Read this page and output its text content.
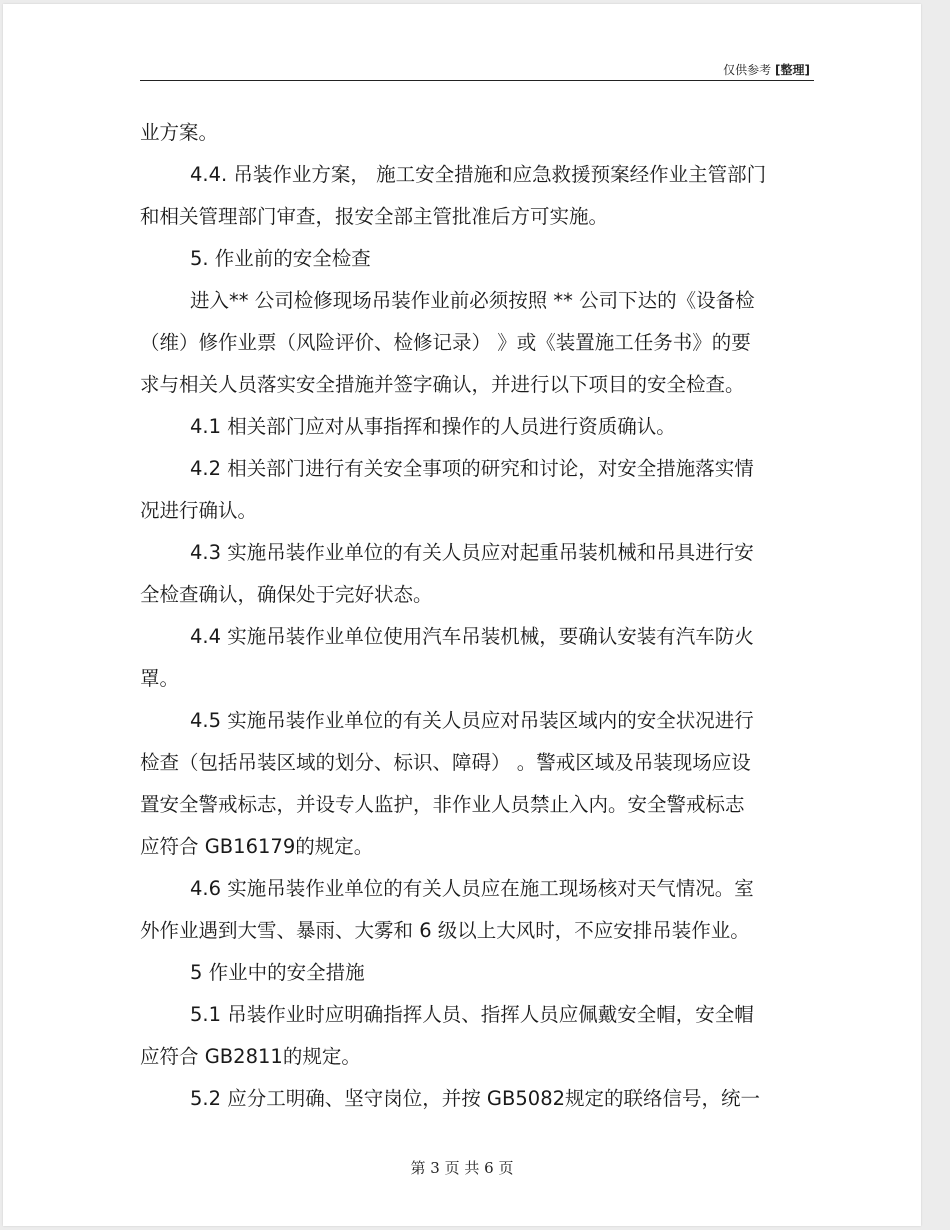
仅供参考 [整理]
业方案。
4.4. 吊装作业方案， 施工安全措施和应急救援预案经作业主管部门
和相关管理部门审查，报安全部主管批准后方可实施。
5. 作业前的安全检查
进入** 公司检修现场吊装作业前必须按照 ** 公司下达的《设备检
（维）修作业票（风险评价、检修记录） 》或《装置施工任务书》的要
求与相关人员落实安全措施并签字确认，并进行以下项目的安全检查。
4.1 相关部门应对从事指挥和操作的人员进行资质确认。
4.2 相关部门进行有关安全事项的研究和讨论，对安全措施落实情
况进行确认。
4.3 实施吊装作业单位的有关人员应对起重吊装机械和吊具进行安
全检查确认，确保处于完好状态。
4.4 实施吊装作业单位使用汽车吊装机械，要确认安装有汽车防火
罩。
4.5 实施吊装作业单位的有关人员应对吊装区域内的安全状况进行
检查（包括吊装区域的划分、标识、障碍） 。警戒区域及吊装现场应设
置安全警戒标志，并设专人监护，非作业人员禁止入内。安全警戒标志
应符合 GB16179的规定。
4.6 实施吊装作业单位的有关人员应在施工现场核对天气情况。室
外作业遇到大雪、暴雨、大雾和 6 级以上大风时，不应安排吊装作业。
5 作业中的安全措施
5.1 吊装作业时应明确指挥人员、指挥人员应佩戴安全帽，安全帽
应符合 GB2811的规定。
5.2 应分工明确、坚守岗位，并按 GB5082规定的联络信号，统一
第 3 页 共 6 页
